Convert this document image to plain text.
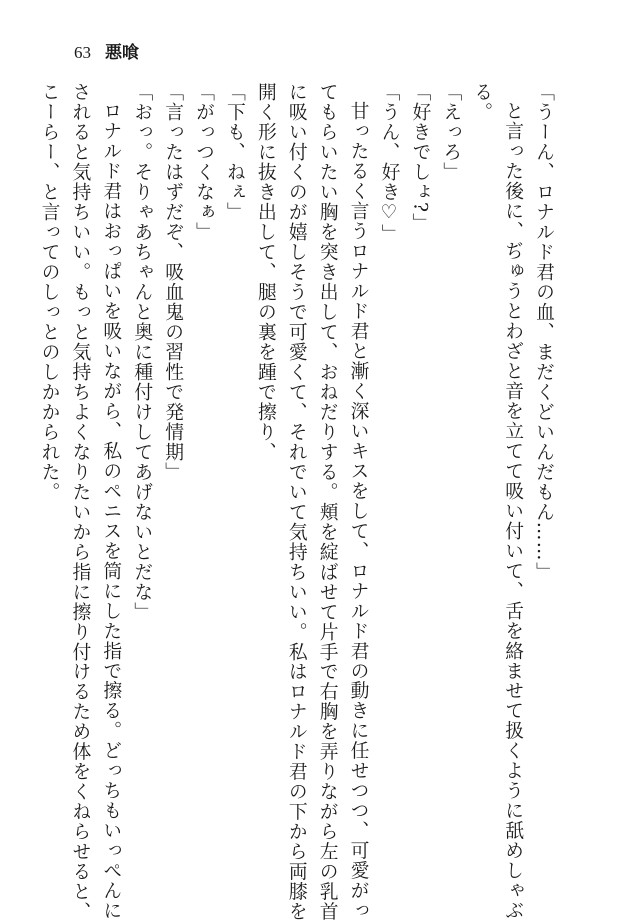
63 悪喰

「うーん、ロナルド君の血、まだくどいんだもん……」

と言った後に、ぢゅうとわざと音を立てて吸い付いて、舌を絡ませて扱くように舐めしゃぶ

る。

「えっろ」

「好きでしょ?」

「うん、好き♡」

甘ったるく言うロナルド君と漸く深いキスをして、ロナルド君の動きに任せつつ、可愛がっ

てもらいたい胸を突き出して、おねだりする。頬を綻ばせて片手で右胸を弄りながら左の乳首

に吸い付くのが嬉しそうで可愛くて、それでいて気持ちいい。私はロナルド君の下から両膝を

開く形に抜き出して、腿の裏を踵で擦り、

「下も、ねぇ」

「がっつくなぁ」

「言ったはずだぞ、吸血鬼の習性で発情期」

「おっ。そりゃあちゃんと奥に種付けしてあげないとだな」

ロナルド君はおっぱいを吸いながら、私のペニスを筒にした指で擦る。どっちもいっぺんに

されると気持ちいい。もっと気持ちよくなりたいから指に擦り付けるため体をくねらせると、

こーらー、と言ってのしっとのしかかられた。
